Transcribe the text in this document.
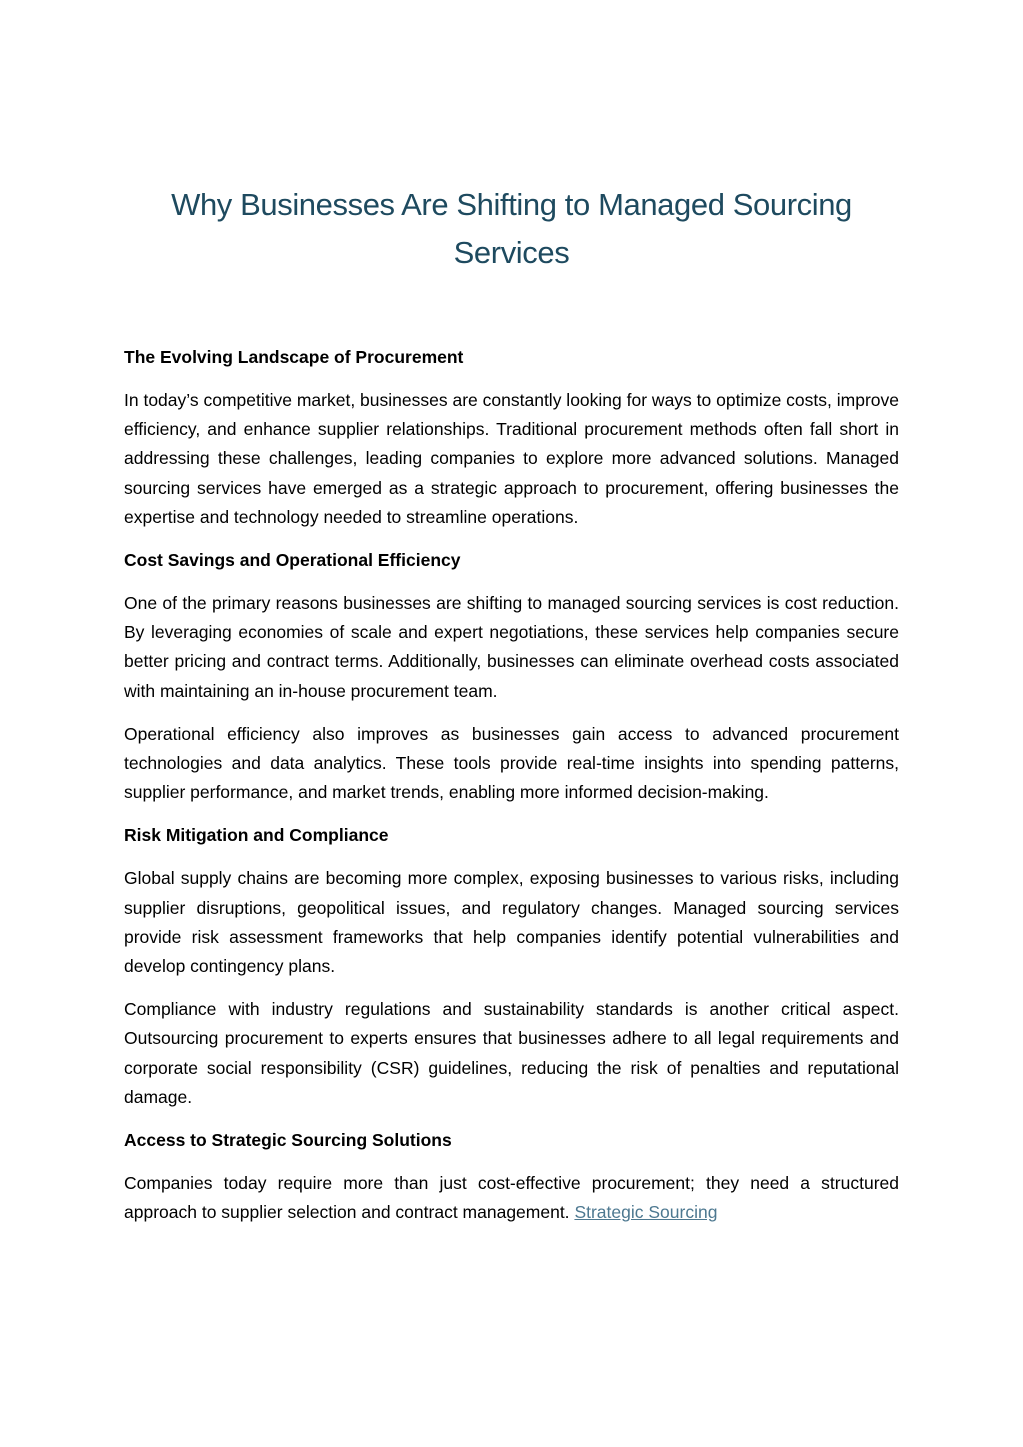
Why Businesses Are Shifting to Managed Sourcing Services
The Evolving Landscape of Procurement

In today’s competitive market, businesses are constantly looking for ways to optimize costs, improve efficiency, and enhance supplier relationships. Traditional procurement methods often fall short in addressing these challenges, leading companies to explore more advanced solutions. Managed sourcing services have emerged as a strategic approach to procurement, offering businesses the expertise and technology needed to streamline operations.

Cost Savings and Operational Efficiency

One of the primary reasons businesses are shifting to managed sourcing services is cost reduction. By leveraging economies of scale and expert negotiations, these services help companies secure better pricing and contract terms. Additionally, businesses can eliminate overhead costs associated with maintaining an in-house procurement team.

Operational efficiency also improves as businesses gain access to advanced procurement technologies and data analytics. These tools provide real-time insights into spending patterns, supplier performance, and market trends, enabling more informed decision-making.

Risk Mitigation and Compliance

Global supply chains are becoming more complex, exposing businesses to various risks, including supplier disruptions, geopolitical issues, and regulatory changes. Managed sourcing services provide risk assessment frameworks that help companies identify potential vulnerabilities and develop contingency plans.

Compliance with industry regulations and sustainability standards is another critical aspect. Outsourcing procurement to experts ensures that businesses adhere to all legal requirements and corporate social responsibility (CSR) guidelines, reducing the risk of penalties and reputational damage.

Access to Strategic Sourcing Solutions

Companies today require more than just cost-effective procurement; they need a structured approach to supplier selection and contract management. Strategic Sourcing
